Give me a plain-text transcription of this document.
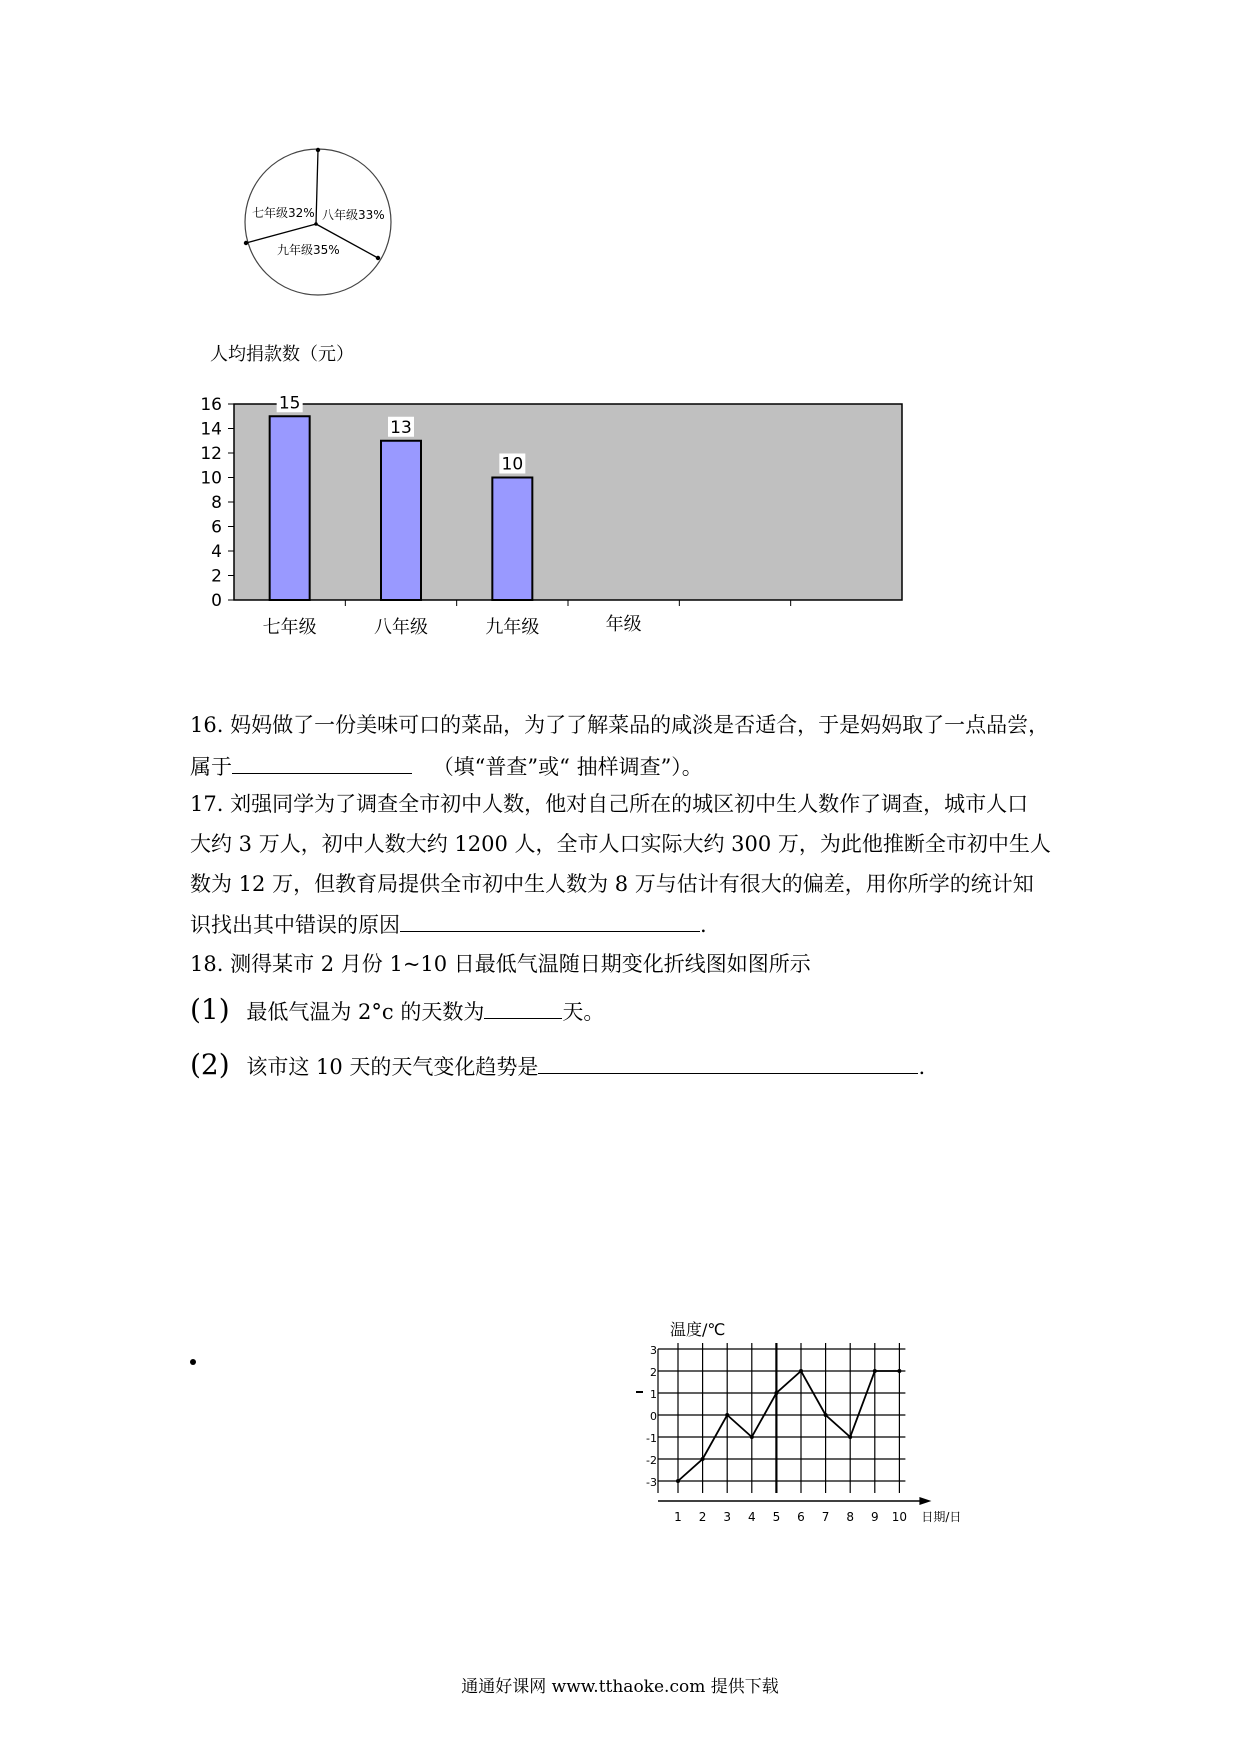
七年级32% 八年级33%
九年级35%
0
2
4
6
8
10
12
14
16	15
七年级
13
八年级
10
九年级	年级
16. 妈妈做了一份美味可口的菜品，为了了解菜品的咸淡是否适合，于是妈妈取了一点品尝，
属于	（填“普查”或“ 抽样调查”）。
17. 刘强同学为了调查全市初中人数，他对自己所在的城区初中生人数作了调查，城市人口
大约 3 万人，初中人数大约 1200 人，全市人口实际大约 300 万，为此他推断全市初中生人
数为 12 万，但教育局提供全市初中生人数为 8 万与估计有很大的偏差，用你所学的统计知
识找出其中错误的原因	.
18. 测得某市 2 月份 1~10 日最低气温随日期变化折线图如图所示
(1) 最低气温为 2°c 的天数为	天。
(2) 该市这 10 天的天气变化趋势是	.
温度/℃
3
2
1
0
-1
-2
-3
1 2 3 4 5 6 7 8 9 10 日期/日
通通好课网 www.tthaoke.com 提供下载
人均捐款数（元）
